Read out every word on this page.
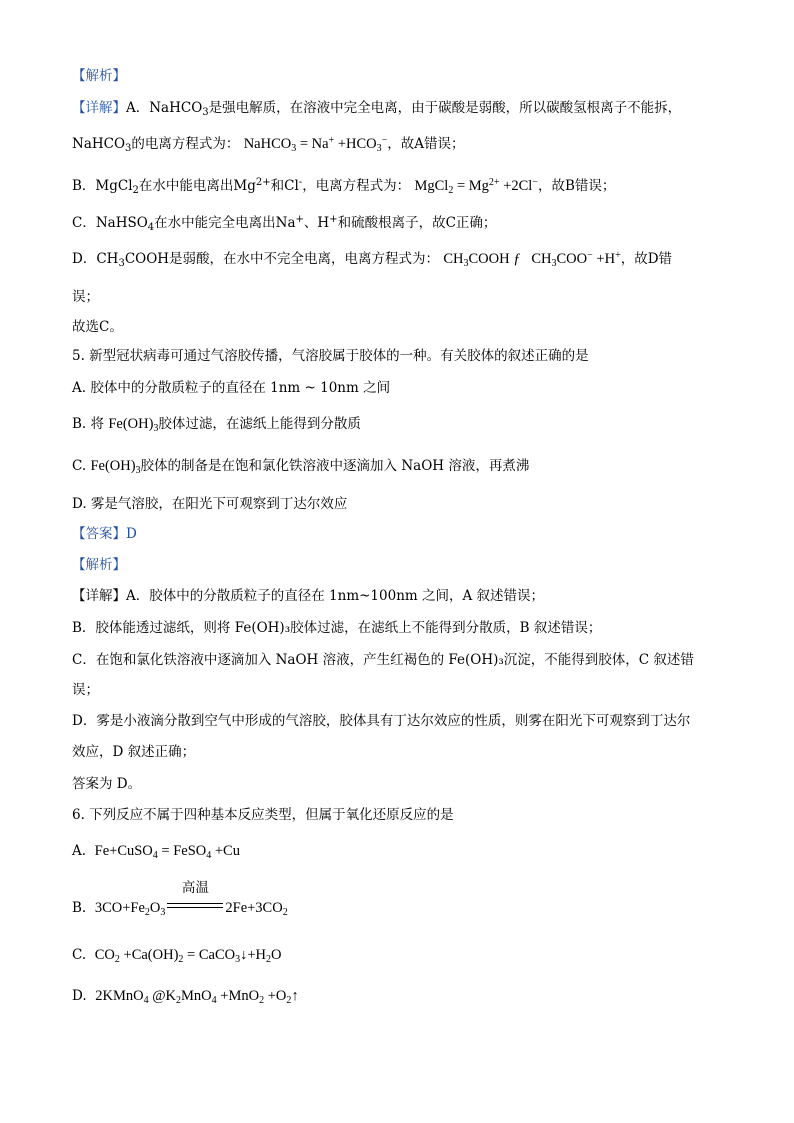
【解析】
【详解】A．NaHCO$_3$是强电解质，在溶液中完全电离，由于碳酸是弱酸，所以碳酸氢根离子不能拆，
NaHCO$_3$的电离方程式为： NaHCO$_3$ = $Na^+ +HCO_3^-$，故A错误；
B．MgCl$_2$在水中能电离出$Mg^{2+}$和Cl-，电离方程式为： MgCl$_2$ = $Mg^{2+} +2Cl^-$，故B错误；
C．NaHSO$_4$在水中能完全电离出Na+、H+和硫酸根离子，故C正确；
D．$CH_3COOH$是弱酸，在水中不完全电离，电离方程式为： $CH_3COOH$ ƒ   $CH_3COO^- +H^+$，故D错
误；
故选C。
5. 新型冠状病毒可通过气溶胶传播，气溶胶属于胶体的一种。有关胶体的叙述正确的是
A. 胶体中的分散质粒子的直径在 1nm ~ 10nm 之间
B. 将 $Fe(OH)_3$胶体过滤，在滤纸上能得到分散质
C. $Fe(OH)_3$胶体的制备是在饱和氯化铁溶液中逐滴加入 NaOH 溶液，再煮沸
D. 雾是气溶胶，在阳光下可观察到丁达尔效应
【答案】D
【解析】
【详解】A．胶体中的分散质粒子的直径在 1nm~100nm 之间，A 叙述错误；
B．胶体能透过滤纸，则将 Fe(OH)₃胶体过滤，在滤纸上不能得到分散质，B 叙述错误；
C．在饱和氯化铁溶液中逐滴加入 NaOH 溶液，产生红褐色的 Fe(OH)₃沉淀，不能得到胶体，C 叙述错
误；
D．雾是小液滴分散到空气中形成的气溶胶，胶体具有丁达尔效应的性质，则雾在阳光下可观察到丁达尔
效应，D 叙述正确；
答案为 D。
6. 下列反应不属于四种基本反应类型，但属于氧化还原反应的是
A. Fe+CuSO$_4$ = FeSO$_4$ +Cu
B. $3CO+Fe_2O_3$
高温
$2Fe+3CO_2$
C. $CO_2 +Ca(OH)_2$ = $CaCO_3↓+H_2O$
D. 2KMnO$_4$ $@K_2MnO_4 +MnO_2$ $+O_2↑$
